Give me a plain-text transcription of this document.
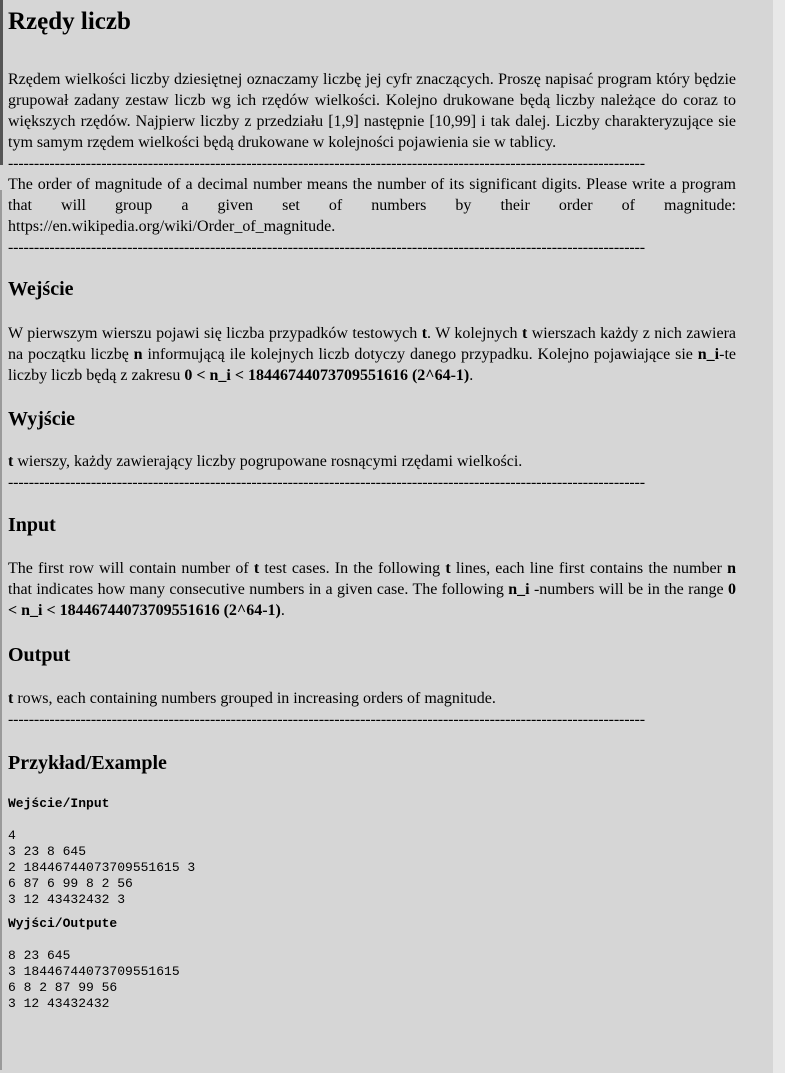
Rzędy liczb

Rzędem wielkości liczby dziesiętnej oznaczamy liczbę jej cyfr znaczących. Proszę napisać program który będzie grupował zadany zestaw liczb wg ich rzędów wielkości. Kolejno drukowane będą liczby należące do coraz to większych rzędów. Najpierw liczby z przedziału [1,9] następnie [10,99] i tak dalej. Liczby charakteryzujące sie tym samym rzędem wielkości będą drukowane w kolejności pojawienia sie w tablicy.

---------------------------------------------------------------------------------------------------------------------------

The order of magnitude of a decimal number means the number of its significant digits. Please write a program that will group a given set of numbers by their order of magnitude: https://en.wikipedia.org/wiki/Order_of_magnitude.

---------------------------------------------------------------------------------------------------------------------------
Wejście

W pierwszym wierszu pojawi się liczba przypadków testowych t. W kolejnych t wierszach każdy z nich zawiera na początku liczbę n informującą ile kolejnych liczb dotyczy danego przypadku. Kolejno pojawiające sie n_i-te liczby liczb będą z zakresu 0 < n_i < 18446744073709551616 (2^64-1).

Wyjście

t wierszy, każdy zawierający liczby pogrupowane rosnącymi rzędami wielkości.

---------------------------------------------------------------------------------------------------------------------------
Input

The first row will contain number of t test cases. In the following t lines, each line first contains the number n that indicates how many consecutive numbers in a given case. The following n_i -numbers will be in the range 0 < n_i < 18446744073709551616 (2^64-1).

Output

t rows, each containing numbers grouped in increasing orders of magnitude.

---------------------------------------------------------------------------------------------------------------------------
Przykład/Example
Wejście/Input
4
3 23 8 645
2 18446744073709551615 3
6 87 6 99 8 2 56
3 12 43432432 3
Wyjści/Outpute
8 23 645
3 18446744073709551615
6 8 2 87 99 56
3 12 43432432
